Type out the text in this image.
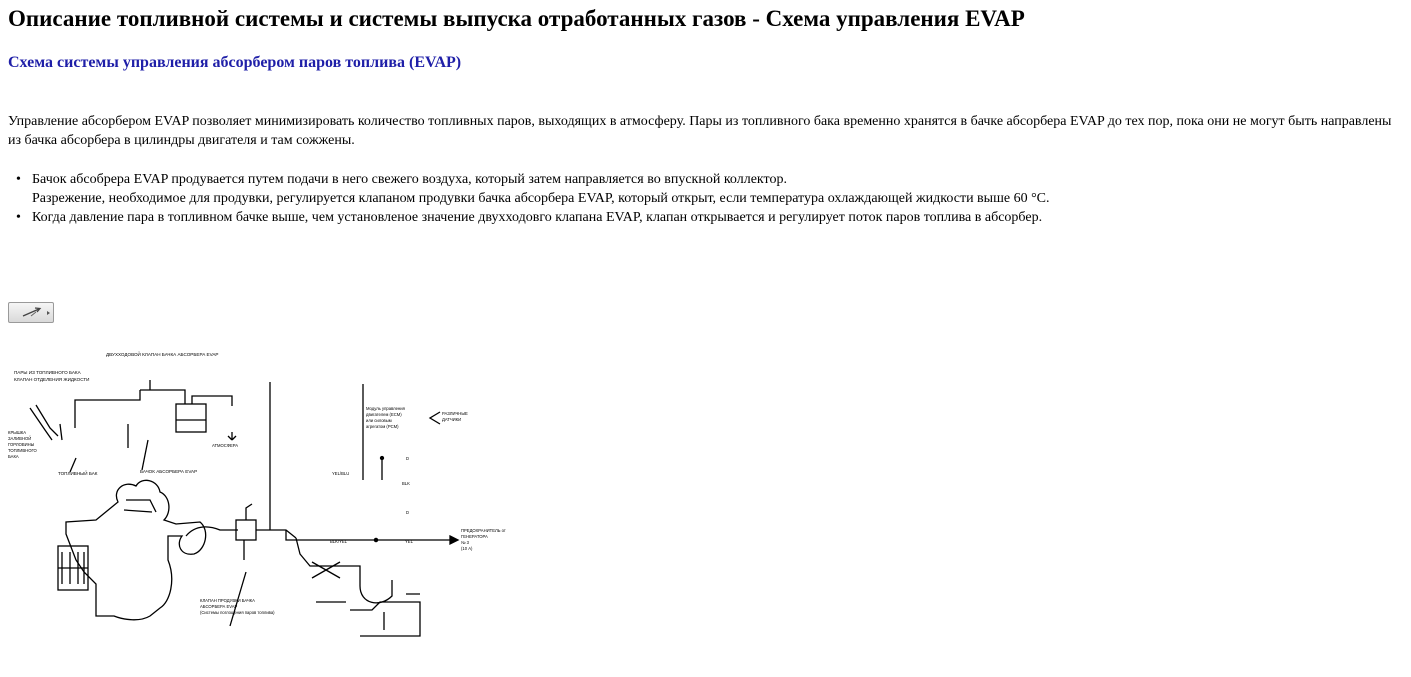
Описание топливной системы и системы выпуска отработанных газов - Схема управления EVAP
Схема системы управления абсорбером паров топлива (EVAP)

Управление абсорбером EVAP позволяет минимизировать количество топливных паров, выходящих в атмосферу. Пары из топливного бака временно хранятся в бачке абсорбера EVAP до тех пор, пока они не могут быть направлены из бачка абсорбера в цилиндры двигателя и там сожжены.

• Бачок абсобрера EVAP продувается путем подачи в него свежего воздуха, который затем направляется во впускной коллектор.
Разрежение, необходимое для продувки, регулируется клапаном продувки бачка абсорбера EVAP, который открыт, если температура охлаждающей жидкости выше 60 °С.
• Когда давление пара в топливном бачке выше, чем установленое значение двухходовго клапана EVAP, клапан открывается и регулирует поток паров топлива в абсорбер.
ДВУХХОДОВОЙ КЛАПАН БАЧКА АБСОРБЕРА EVAP
ПАРЫ ИЗ ТОПЛИВНОГО БАКА
КЛАПАН ОТДЕЛЕНИЯ ЖИДКОСТИ
КРЫШКА
ЗАЛИВНОЙ
ГОРЛОВИНЫ
ТОПЛИВНОГО
БАКА
АТМОСФЕРА
ТОПЛИВНЫЙ БАК	БАЧОК АБСОРБЕРА EVAP
Модуль управления
двигателем (ECM)
или силовым
агрегатом (PCM)
РАЗЛИЧНЫЕ
ДАТЧИКИ
D
YEL/BLU
BLK
D
BLK/YEL	YEL
ПРЕДОХРАНИТЕЛЬ от
ГЕНЕРАТОРА
№ 3
(10 А)
КЛАПАН ПРОДУВКИ БАЧКА
АБСОРБЕРА EVAP
(Системы поглощения паров топлива)
